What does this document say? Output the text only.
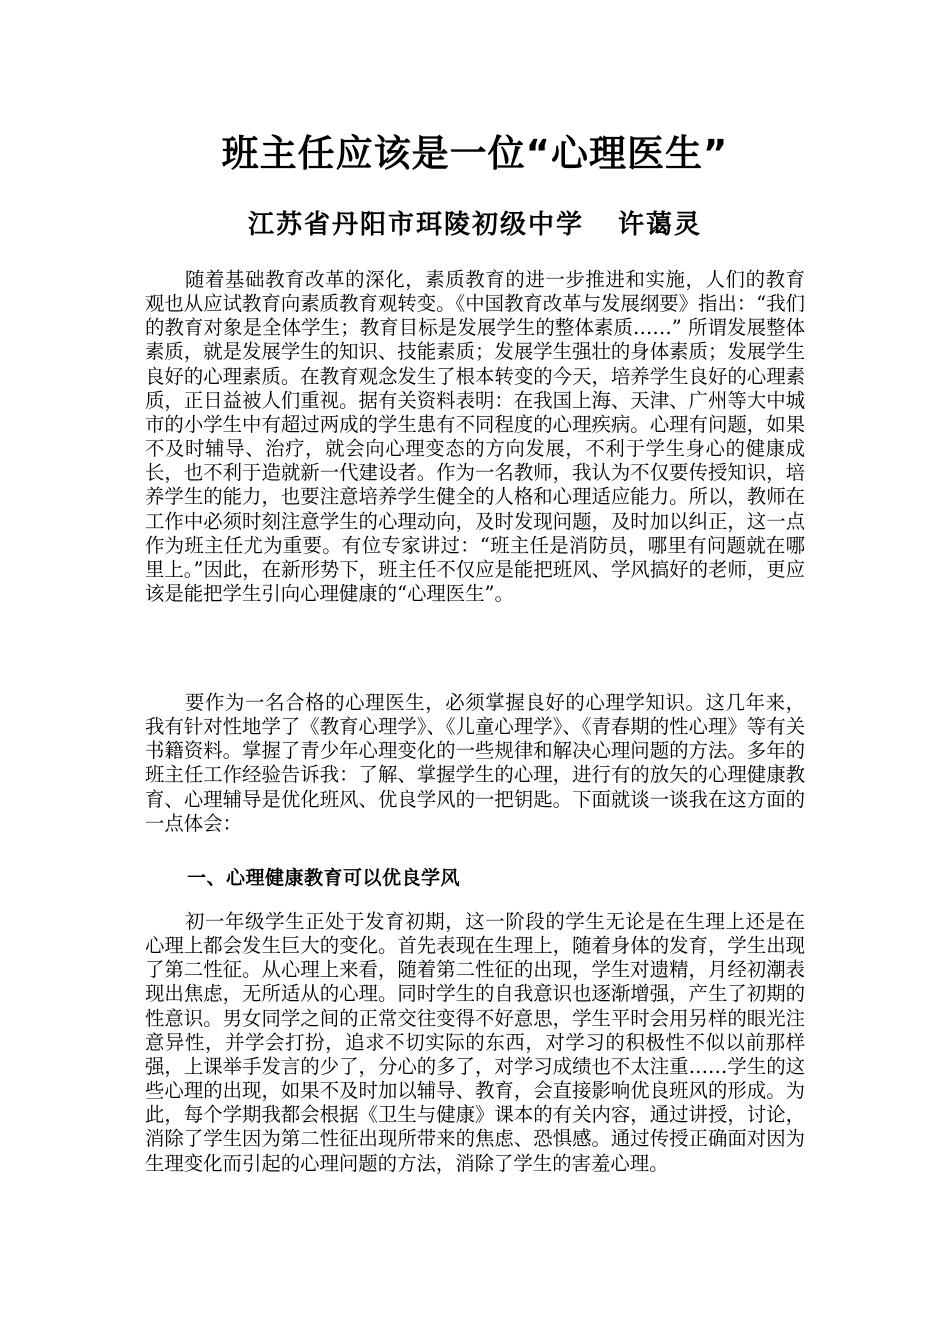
班主任应该是一位“心理医生”
江苏省丹阳市珥陵初级中学 许蔼灵

随着基础教育改革的深化，素质教育的进一步推进和实施，人们的教育观也从应试教育向素质教育观转变。《中国教育改革与发展纲要》指出：“我们的教育对象是全体学生；教育目标是发展学生的整体素质……” 所谓发展整体素质，就是发展学生的知识、技能素质；发展学生强壮的身体素质；发展学生良好的心理素质。在教育观念发生了根本转变的今天，培养学生良好的心理素质，正日益被人们重视。据有关资料表明：在我国上海、天津、广州等大中城市的小学生中有超过两成的学生患有不同程度的心理疾病。心理有问题，如果不及时辅导、治疗，就会向心理变态的方向发展，不利于学生身心的健康成长，也不利于造就新一代建设者。作为一名教师，我认为不仅要传授知识，培养学生的能力，也要注意培养学生健全的人格和心理适应能力。所以，教师在工作中必须时刻注意学生的心理动向，及时发现问题，及时加以纠正，这一点作为班主任尤为重要。有位专家讲过：“班主任是消防员，哪里有问题就在哪里上。”因此，在新形势下，班主任不仅应是能把班风、学风搞好的老师，更应该是能把学生引向心理健康的“心理医生”。

要作为一名合格的心理医生，必须掌握良好的心理学知识。这几年来，我有针对性地学了《教育心理学》、《儿童心理学》、《青春期的性心理》等有关书籍资料。掌握了青少年心理变化的一些规律和解决心理问题的方法。多年的班主任工作经验告诉我：了解、掌握学生的心理，进行有的放矢的心理健康教育、心理辅导是优化班风、优良学风的一把钥匙。下面就谈一谈我在这方面的一点体会：

一、心理健康教育可以优良学风

初一年级学生正处于发育初期，这一阶段的学生无论是在生理上还是在心理上都会发生巨大的变化。首先表现在生理上，随着身体的发育，学生出现了第二性征。从心理上来看，随着第二性征的出现，学生对遗精，月经初潮表现出焦虑，无所适从的心理。同时学生的自我意识也逐渐增强，产生了初期的性意识。男女同学之间的正常交往变得不好意思，学生平时会用另样的眼光注意异性，并学会打扮，追求不切实际的东西，对学习的积极性不似以前那样强，上课举手发言的少了，分心的多了，对学习成绩也不太注重……学生的这些心理的出现，如果不及时加以辅导、教育，会直接影响优良班风的形成。为此，每个学期我都会根据《卫生与健康》课本的有关内容，通过讲授，讨论，消除了学生因为第二性征出现所带来的焦虑、恐惧感。通过传授正确面对因为生理变化而引起的心理问题的方法，消除了学生的害羞心理。
